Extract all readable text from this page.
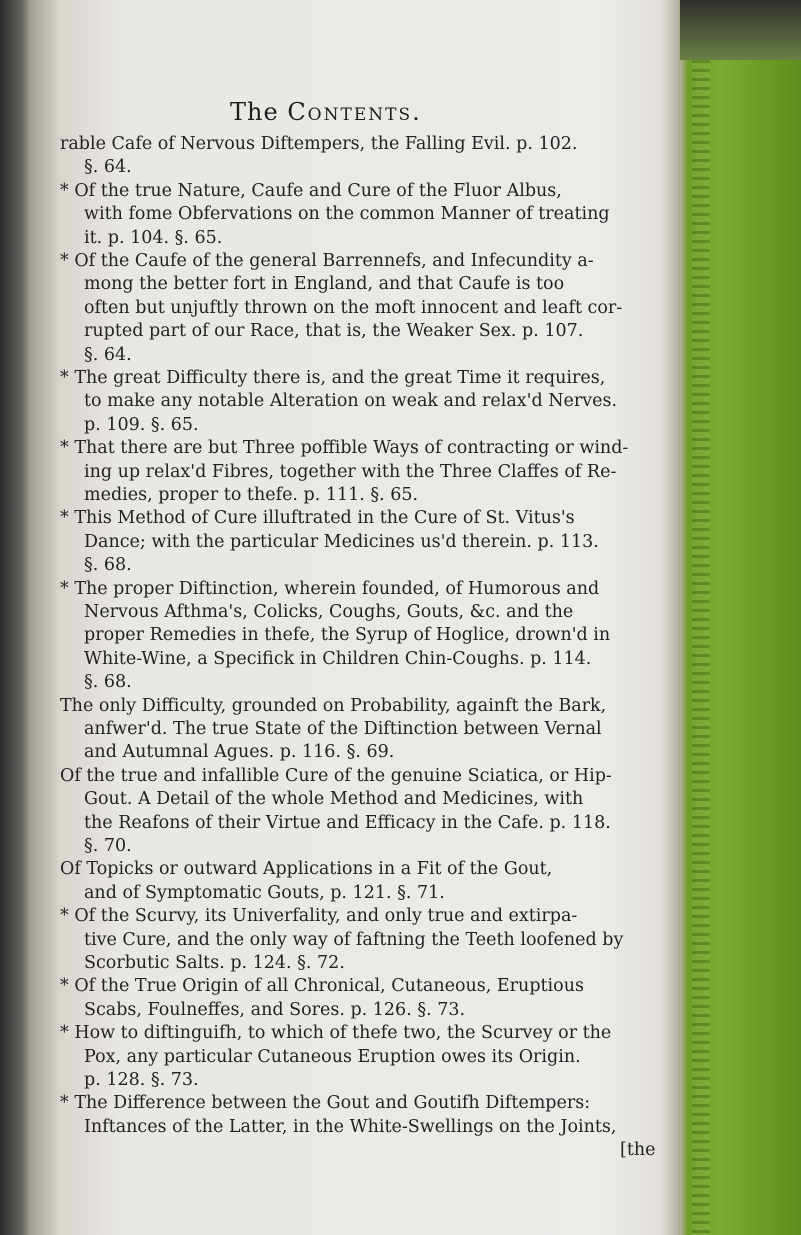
The Contents.
rable Cafe of Nervous Diftempers, the Falling Evil. p. 102.
§. 64.
* Of the true Nature, Caufe and Cure of the Fluor Albus,
with fome Obfervations on the common Manner of treating
it. p. 104. §. 65.
* Of the Caufe of the general Barrennefs, and Infecundity a-
mong the better fort in England, and that Caufe is too
often but unjuftly thrown on the moft innocent and leaft cor-
rupted part of our Race, that is, the Weaker Sex. p. 107.
§. 64.
* The great Difficulty there is, and the great Time it requires,
to make any notable Alteration on weak and relax'd Nerves.
p. 109. §. 65.
* That there are but Three poffible Ways of contracting or wind-
ing up relax'd Fibres, together with the Three Claffes of Re-
medies, proper to thefe. p. 111. §. 65.
* This Method of Cure illuftrated in the Cure of St. Vitus's
Dance; with the particular Medicines us'd therein. p. 113.
§. 68.
* The proper Diftinction, wherein founded, of Humorous and
Nervous Afthma's, Colicks, Coughs, Gouts, &c. and the
proper Remedies in thefe, the Syrup of Hoglice, drown'd in
White-Wine, a Specifick in Children Chin-Coughs. p. 114.
§. 68.
The only Difficulty, grounded on Probability, againft the Bark,
anfwer'd. The true State of the Diftinction between Vernal
and Autumnal Agues. p. 116. §. 69.
Of the true and infallible Cure of the genuine Sciatica, or Hip-
Gout. A Detail of the whole Method and Medicines, with
the Reafons of their Virtue and Efficacy in the Cafe. p. 118.
§. 70.
Of Topicks or outward Applications in a Fit of the Gout,
and of Symptomatic Gouts, p. 121. §. 71.
* Of the Scurvy, its Univerfality, and only true and extirpa-
tive Cure, and the only way of faftning the Teeth loofened by
Scorbutic Salts. p. 124. §. 72.
* Of the True Origin of all Chronical, Cutaneous, Eruptious
Scabs, Foulneffes, and Sores. p. 126. §. 73.
* How to diftinguifh, to which of thefe two, the Scurvey or the
Pox, any particular Cutaneous Eruption owes its Origin.
p. 128. §. 73.
* The Difference between the Gout and Goutifh Diftempers:
Inftances of the Latter, in the White-Swellings on the Joints,
[the
